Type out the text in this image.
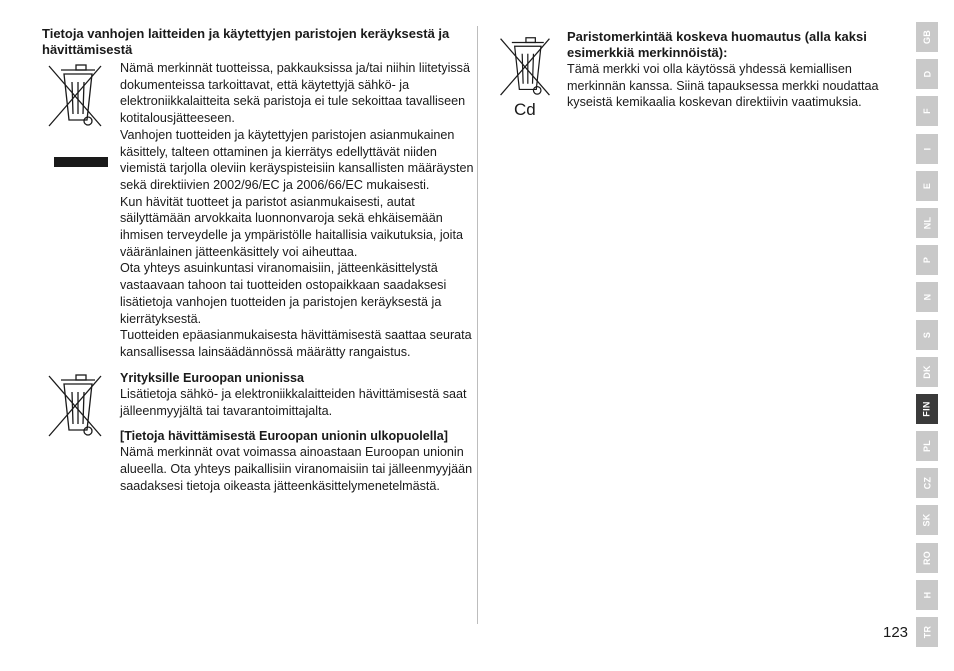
Tietoja vanhojen laitteiden ja käytettyjen paristojen keräyksestä ja hävittämisestä

Nämä merkinnät tuotteissa, pakkauksissa ja/tai niihin liitetyissä dokumenteissa tarkoittavat, että käytettyjä sähkö- ja elektroniikkalaitteita sekä paristoja ei tule sekoittaa tavalliseen kotitalousjätteeseen.

Vanhojen tuotteiden ja käytettyjen paristojen asianmukainen käsittely, talteen ottaminen ja kierrätys edellyttävät niiden viemistä tarjolla oleviin keräyspisteisiin kansallisten määräysten sekä direktiivien 2002/96/EC ja 2006/66/EC mukaisesti.

Kun hävität tuotteet ja paristot asianmukaisesti, autat säilyttämään arvokkaita luonnonvaroja sekä ehkäisemään ihmisen terveydelle ja ympäristölle haitallisia vaikutuksia, joita vääränlainen jätteenkäsittely voi aiheuttaa.

Ota yhteys asuinkuntasi viranomaisiin, jätteenkäsittelystä vastaavaan tahoon tai tuotteiden ostopaikkaan saadaksesi lisätietoja vanhojen tuotteiden ja paristojen keräyksestä ja kierrätyksestä.

Tuotteiden epäasianmukaisesta hävittämisestä saattaa seurata kansallisessa lainsäädännössä määrätty rangaistus.

Yrityksille Euroopan unionissa

Lisätietoja sähkö- ja elektroniikkalaitteiden hävittämisestä saat jälleenmyyjältä tai tavarantoimittajalta.

[Tietoja hävittämisestä Euroopan unionin ulkopuolella]

Nämä merkinnät ovat voimassa ainoastaan Euroopan unionin alueella. Ota yhteys paikallisiin viranomaisiin tai jälleenmyyjään saadaksesi tietoja oikeasta jätteenkäsittelymenetelmästä.

Cd
Paristomerkintää koskeva huomautus (alla kaksi esimerkkiä merkinnöistä):

Tämä merkki voi olla käytössä yhdessä kemiallisen merkinnän kanssa. Siinä tapauksessa merkki noudattaa kyseistä kemikaalia koskevan direktiivin vaatimuksia.

GB
D
F
I
E
NL
P
N
S
DK
FIN
PL
CZ
SK
RO
H
TR
123
